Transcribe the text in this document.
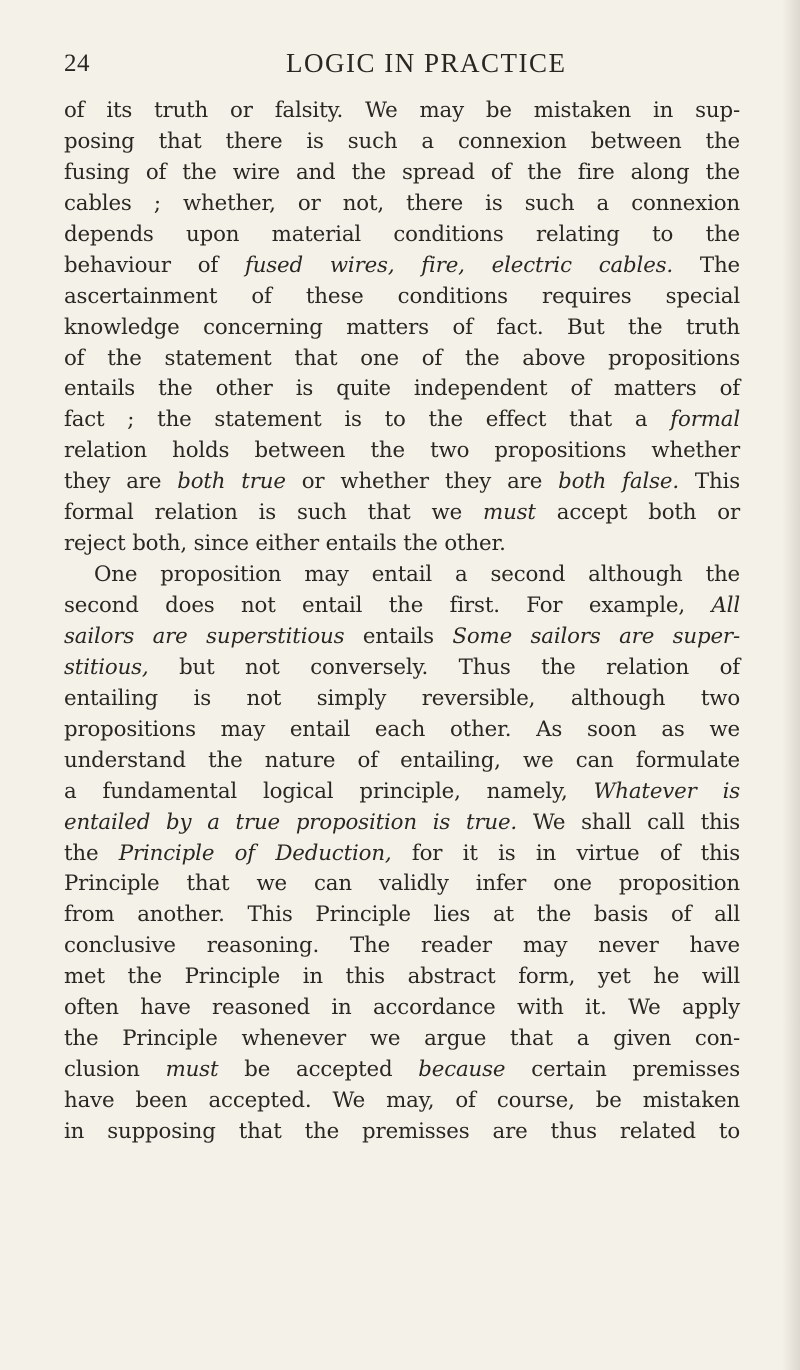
24	LOGIC IN PRACTICE
of its truth or falsity. We may be mistaken in sup-
posing that there is such a connexion between the
fusing of the wire and the spread of the fire along the
cables ; whether, or not, there is such a connexion
depends upon material conditions relating to the
behaviour of fused wires, fire, electric cables. The
ascertainment of these conditions requires special
knowledge concerning matters of fact. But the truth
of the statement that one of the above propositions
entails the other is quite independent of matters of
fact ; the statement is to the effect that a formal
relation holds between the two propositions whether
they are both true or whether they are both false. This
formal relation is such that we must accept both or
reject both, since either entails the other.
One proposition may entail a second although the
second does not entail the first. For example, All
sailors are superstitious entails Some sailors are super-
stitious, but not conversely. Thus the relation of
entailing is not simply reversible, although two
propositions may entail each other. As soon as we
understand the nature of entailing, we can formulate
a fundamental logical principle, namely, Whatever is
entailed by a true proposition is true. We shall call this
the Principle of Deduction, for it is in virtue of this
Principle that we can validly infer one proposition
from another. This Principle lies at the basis of all
conclusive reasoning. The reader may never have
met the Principle in this abstract form, yet he will
often have reasoned in accordance with it. We apply
the Principle whenever we argue that a given con-
clusion must be accepted because certain premisses
have been accepted. We may, of course, be mistaken
in supposing that the premisses are thus related to
